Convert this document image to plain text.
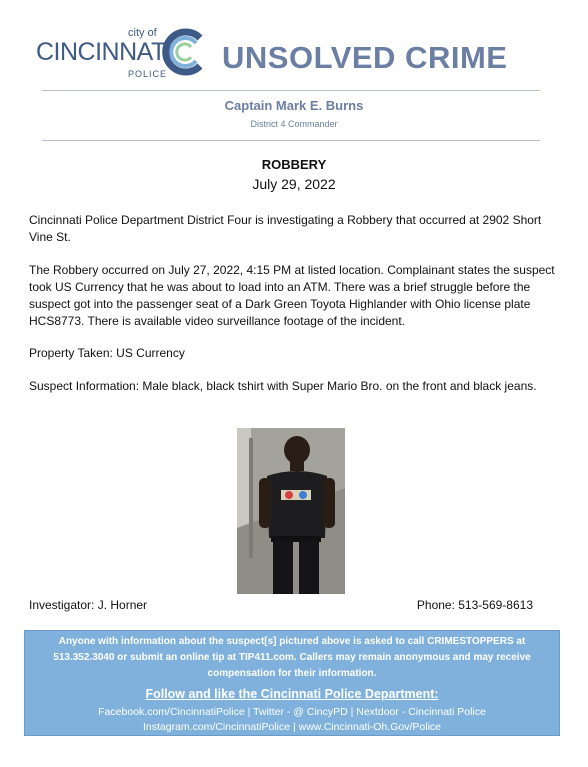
city of
CINCINNATI
POLICE UNSOLVED CRIME
Captain Mark E. Burns
District 4 Commander
ROBBERY
July 29, 2022
Cincinnati Police Department District Four is investigating a Robbery that occurred at 2902 Short Vine St.
The Robbery occurred on July 27, 2022, 4:15 PM at listed location. Complainant states the suspect took US Currency that he was about to load into an ATM. There was a brief struggle before the suspect got into the passenger seat of a Dark Green Toyota Highlander with Ohio license plate HCS8773. There is available video surveillance footage of the incident.
Property Taken: US Currency
Suspect Information: Male black, black tshirt with Super Mario Bro. on the front and black jeans.
Investigator: J. Horner	Phone: 513-569-8613
Anyone with information about the suspect[s] pictured above is asked to call CRIMESTOPPERS at 513.352.3040 or submit an online tip at TIP411.com. Callers may remain anonymous and may receive compensation for their information.
Follow and like the Cincinnati Police Department:
Facebook.com/CincinnatiPolice | Twitter - @ CincyPD | Nextdoor - Cincinnati Police
Instagram.com/CincinnatiPolice | www.Cincinnati-Oh.Gov/Police
